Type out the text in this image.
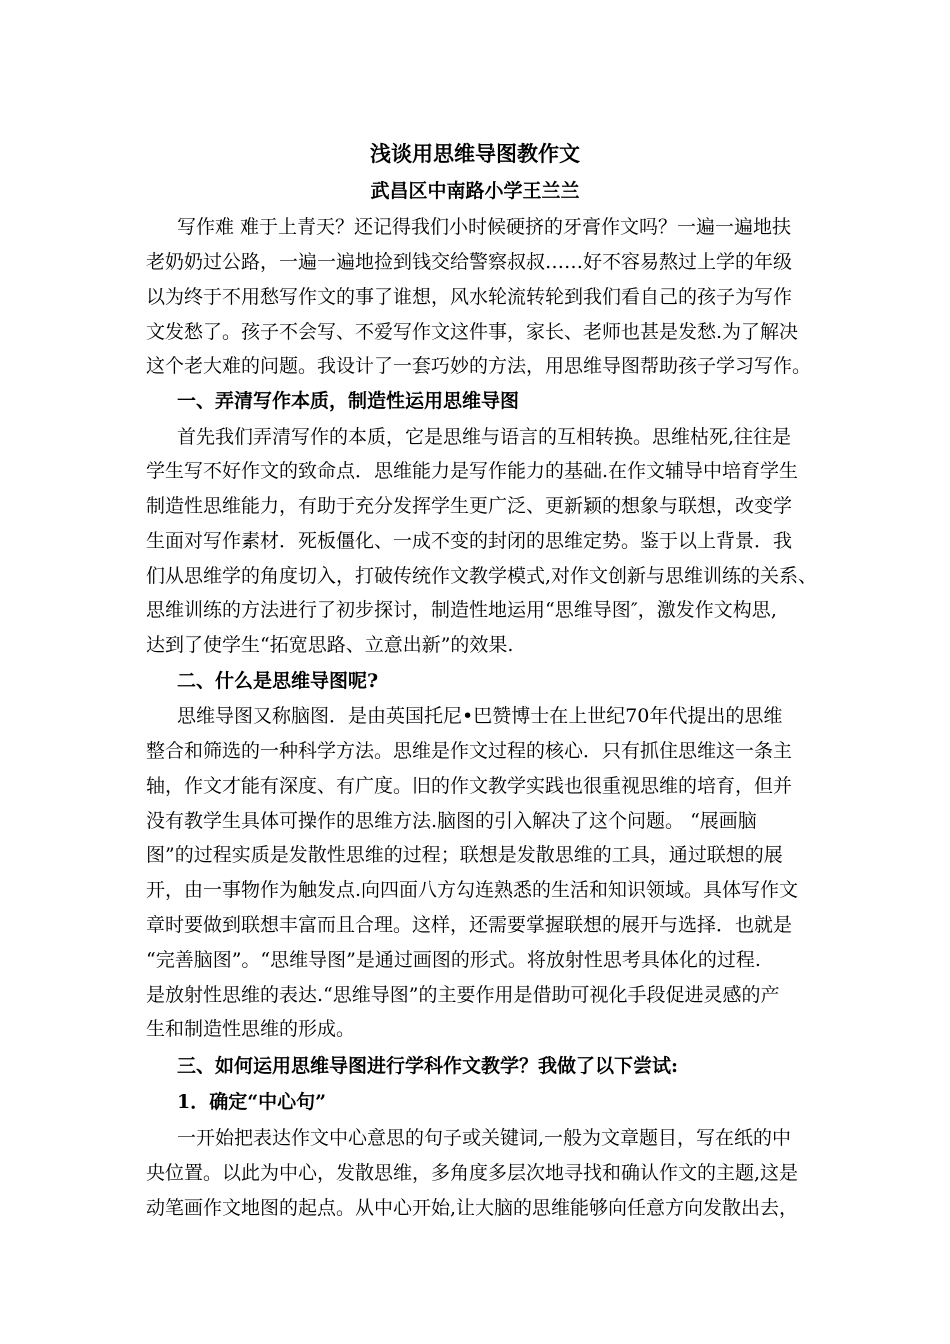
浅谈用思维导图教作文
武昌区中南路小学王兰兰
写作难 难于上青天？还记得我们小时候硬挤的牙膏作文吗？一遍一遍地扶
老奶奶过公路，一遍一遍地捡到钱交给警察叔叔……好不容易熬过上学的年级
以为终于不用愁写作文的事了谁想，风水轮流转轮到我们看自己的孩子为写作
文发愁了。孩子不会写、不爱写作文这件事，家长、老师也甚是发愁.为了解决
这个老大难的问题。我设计了一套巧妙的方法，用思维导图帮助孩子学习写作。
一、弄清写作本质，制造性运用思维导图
首先我们弄清写作的本质，它是思维与语言的互相转换。思维枯死,往往是
学生写不好作文的致命点．思维能力是写作能力的基础.在作文辅导中培育学生
制造性思维能力，有助于充分发挥学生更广泛、更新颖的想象与联想，改变学
生面对写作素材．死板僵化、一成不变的封闭的思维定势。鉴于以上背景．我
们从思维学的角度切入，打破传统作文教学模式,对作文创新与思维训练的关系、
思维训练的方法进行了初步探讨，制造性地运用“思维导图″，激发作文构思,
达到了使学生“拓宽思路、立意出新”的效果.
二、什么是思维导图呢?
思维导图又称脑图．是由英国托尼•巴赞博士在上世纪70年代提出的思维
整合和筛选的一种科学方法。思维是作文过程的核心．只有抓住思维这一条主
轴，作文才能有深度、有广度。旧的作文教学实践也很重视思维的培育，但并
没有教学生具体可操作的思维方法.脑图的引入解决了这个问题。 “展画脑
图”的过程实质是发散性思维的过程；联想是发散思维的工具，通过联想的展
开，由一事物作为触发点.向四面八方勾连熟悉的生活和知识领域。具体写作文
章时要做到联想丰富而且合理。这样，还需要掌握联想的展开与选择．也就是
“完善脑图”。“思维导图”是通过画图的形式。将放射性思考具体化的过程.
是放射性思维的表达.“思维导图”的主要作用是借助可视化手段促进灵感的产
生和制造性思维的形成。
三、如何运用思维导图进行学科作文教学？我做了以下尝试:
1．确定“中心句”
一开始把表达作文中心意思的句子或关键词,一般为文章题目，写在纸的中
央位置。以此为中心，发散思维，多角度多层次地寻找和确认作文的主题,这是
动笔画作文地图的起点。从中心开始,让大脑的思维能够向任意方向发散出去，
